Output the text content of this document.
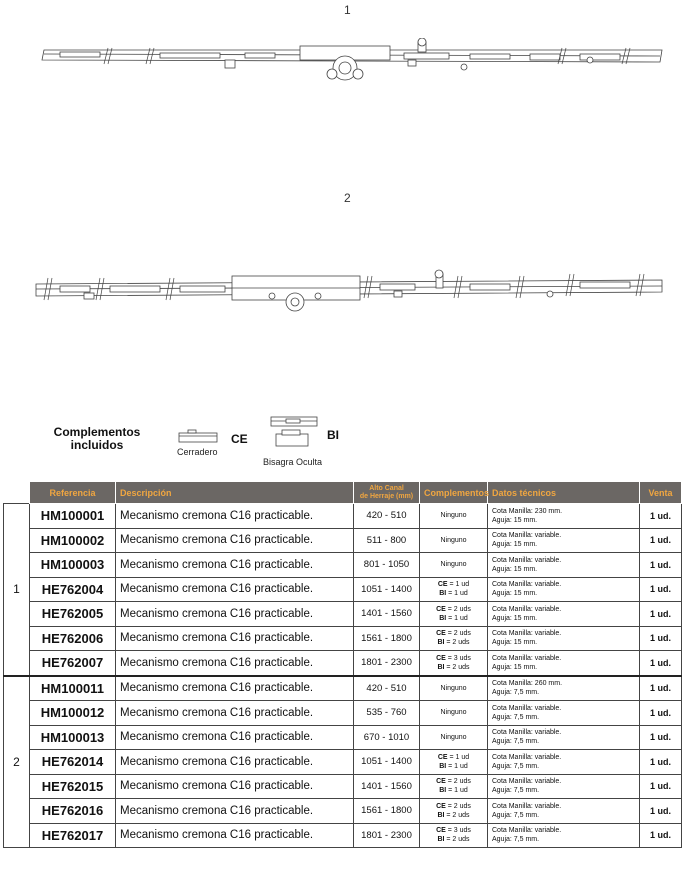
1
2
Complementos
incluidos	CE
Cerradero
BI
Bisagra Oculta
	Referencia	Descripción	Alto Canal
de Herraje (mm)	Complementos	Datos técnicos	Venta
1	HM100001	Mecanismo cremona C16 practicable.	420 - 510	Ninguno	Cota Manilla: 230 mm.
Aguja: 15 mm.	1 ud.
	HM100002	Mecanismo cremona C16 practicable.	511 - 800	Ninguno	Cota Manilla: variable.
Aguja: 15 mm.	1 ud.
	HM100003	Mecanismo cremona C16 practicable.	801 - 1050	Ninguno	Cota Manilla: variable.
Aguja: 15 mm.	1 ud.
	HE762004	Mecanismo cremona C16 practicable.	1051 - 1400	CE = 1 ud
BI = 1 ud	Cota Manilla: variable.
Aguja: 15 mm.	1 ud.
	HE762005	Mecanismo cremona C16 practicable.	1401 - 1560	CE = 2 uds
BI = 1 ud	Cota Manilla: variable.
Aguja: 15 mm.	1 ud.
	HE762006	Mecanismo cremona C16 practicable.	1561 - 1800	CE = 2 uds
BI = 2 uds	Cota Manilla: variable.
Aguja: 15 mm.	1 ud.
	HE762007	Mecanismo cremona C16 practicable.	1801 - 2300	CE = 3 uds
BI = 2 uds	Cota Manilla: variable.
Aguja: 15 mm.	1 ud.
2	HM100011	Mecanismo cremona C16 practicable.	420 - 510	Ninguno	Cota Manilla: 260 mm.
Aguja: 7,5 mm.	1 ud.
	HM100012	Mecanismo cremona C16 practicable.	535 - 760	Ninguno	Cota Manilla: variable.
Aguja: 7,5 mm.	1 ud.
	HM100013	Mecanismo cremona C16 practicable.	670 - 1010	Ninguno	Cota Manilla: variable.
Aguja: 7,5 mm.	1 ud.
	HE762014	Mecanismo cremona C16 practicable.	1051 - 1400	CE = 1 ud
BI = 1 ud	Cota Manilla: variable.
Aguja: 7,5 mm.	1 ud.
	HE762015	Mecanismo cremona C16 practicable.	1401 - 1560	CE = 2 uds
BI = 1 ud	Cota Manilla: variable.
Aguja: 7,5 mm.	1 ud.
	HE762016	Mecanismo cremona C16 practicable.	1561 - 1800	CE = 2 uds
BI = 2 uds	Cota Manilla: variable.
Aguja: 7,5 mm.	1 ud.
	HE762017	Mecanismo cremona C16 practicable.	1801 - 2300	CE = 3 uds
BI = 2 uds	Cota Manilla: variable.
Aguja: 7,5 mm.	1 ud.
